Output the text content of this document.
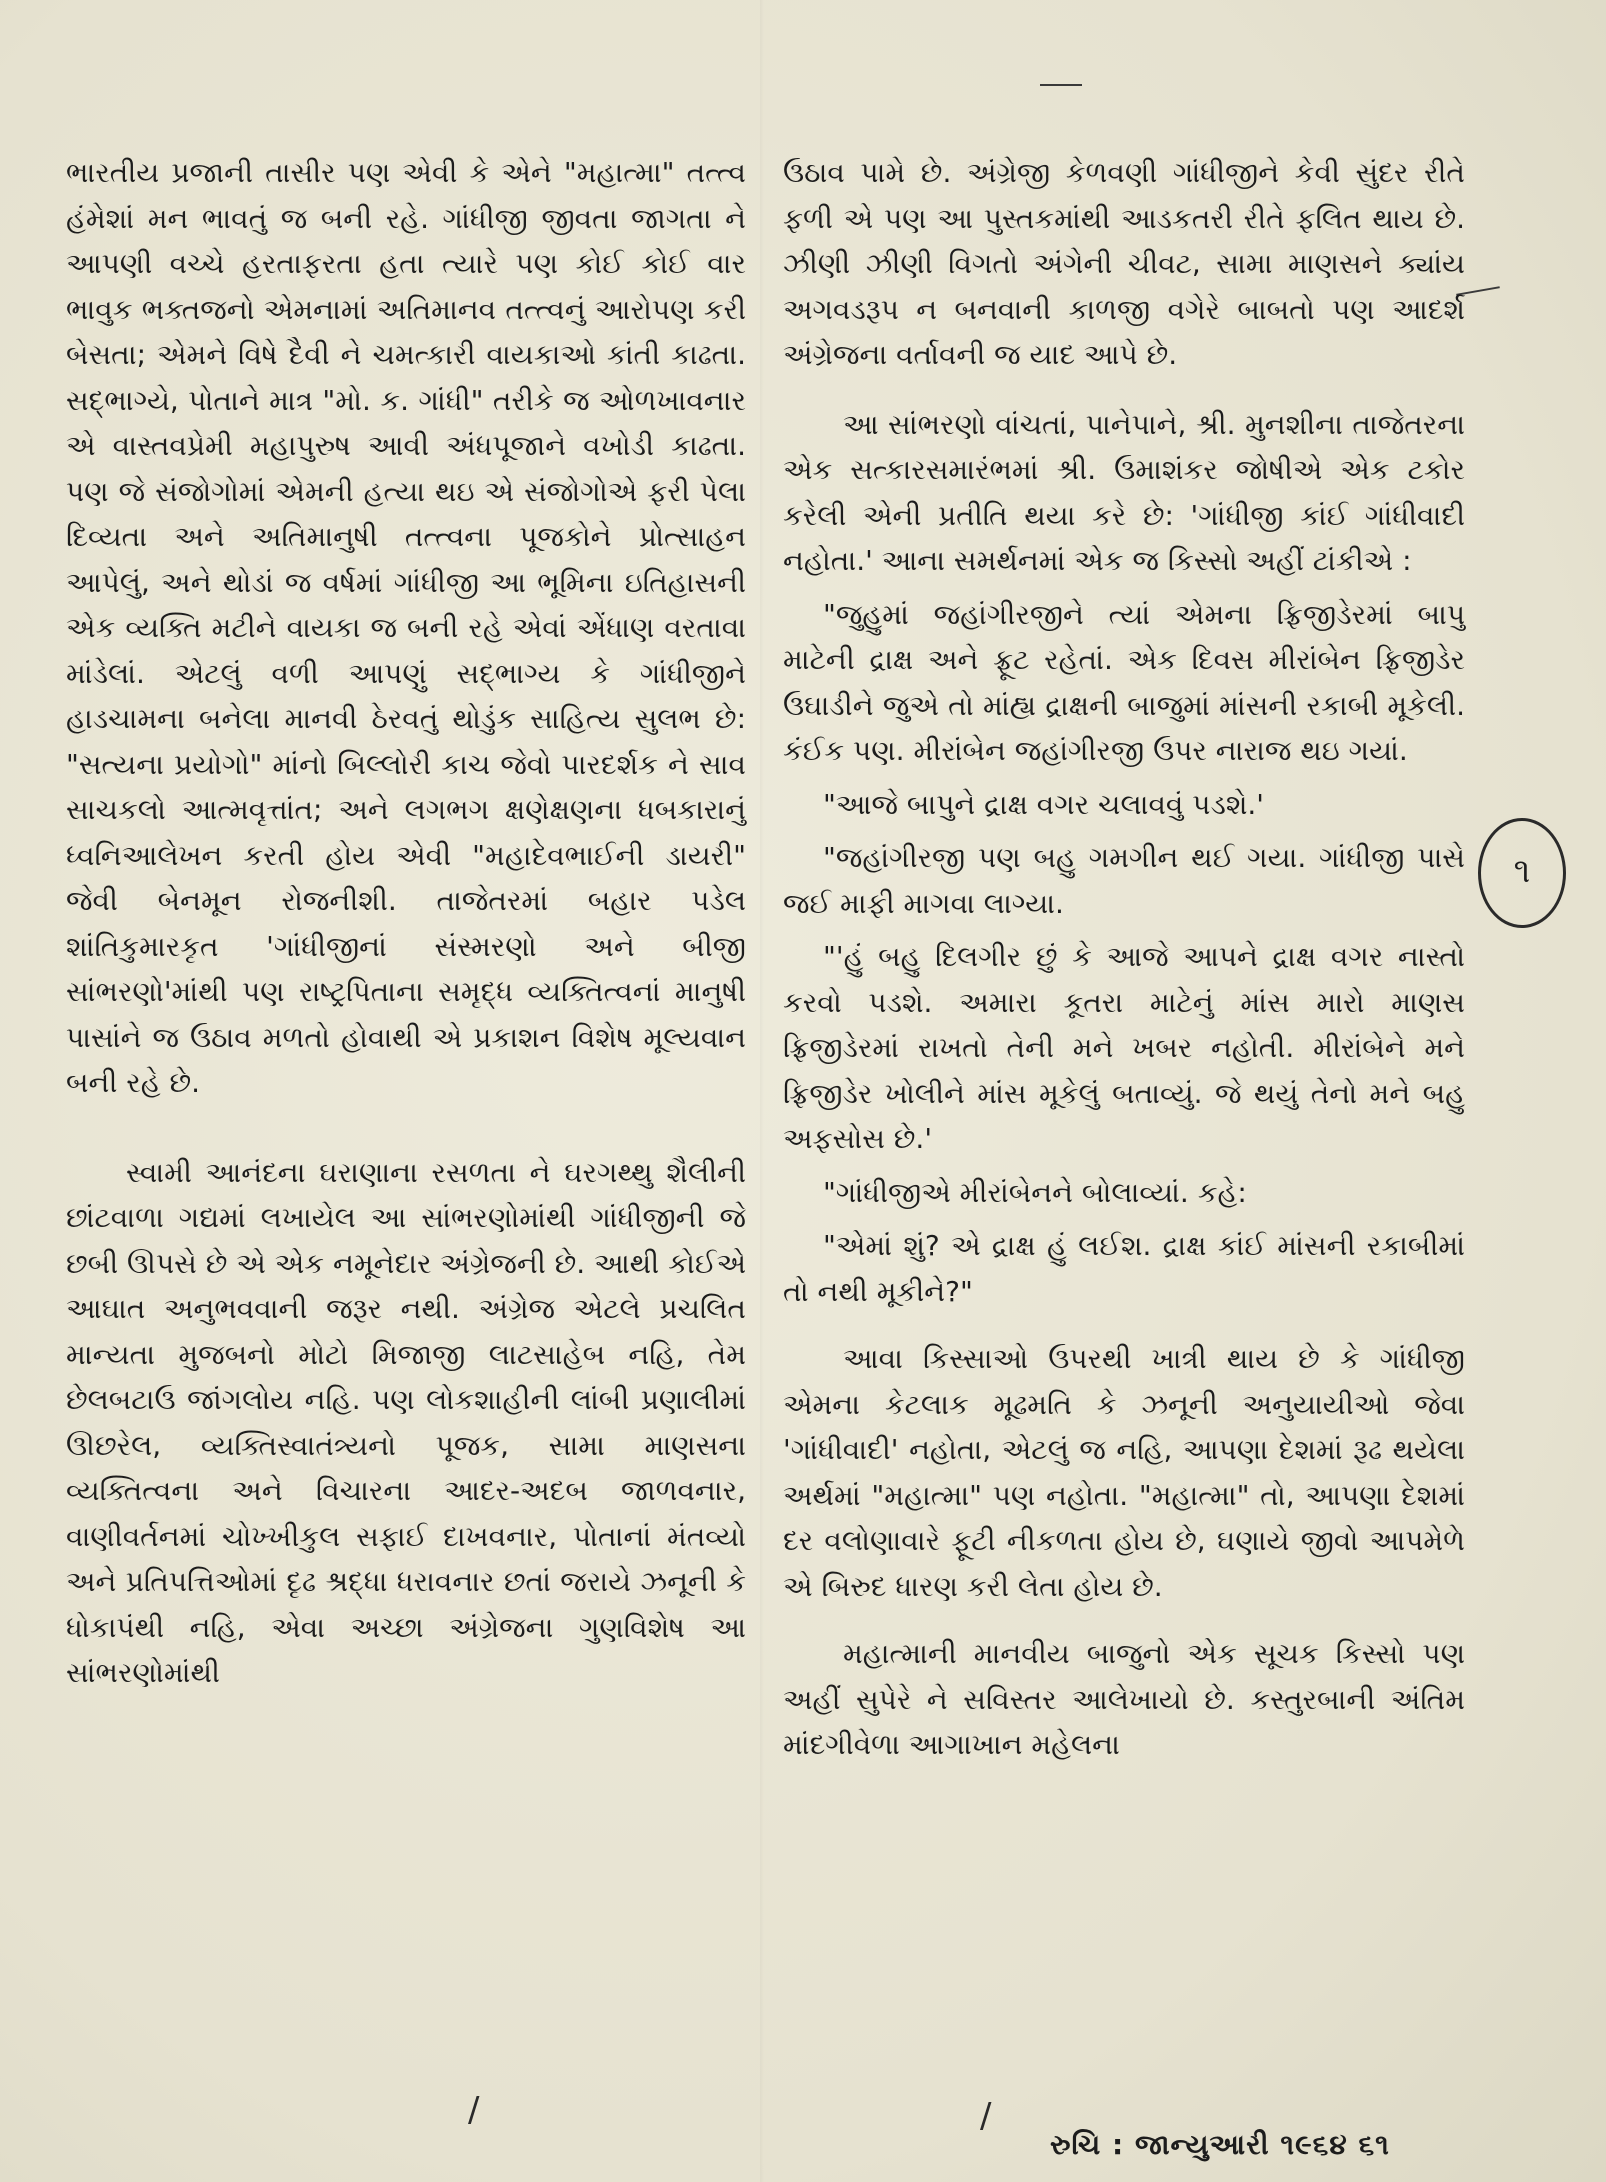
ભારતીય પ્રજાની તાસીર પણ એવી કે એને "મહાત્મા" તત્ત્વ હંમેશાં મન ભાવતું જ બની રહે. ગાંધીજી જીવતા જાગતા ને આપણી વચ્ચે હરતાફરતા હતા ત્યારે પણ કોઈ કોઈ વાર ભાવુક ભક્તજનો એમનામાં અતિમાનવ તત્ત્વનું આરોપણ કરી બેસતા; એમને વિષે દૈવી ને ચમત્કારી વાયકાઓ કાંતી કાઢતા. સદ્ભાગ્યે, પોતાને માત્ર "મો. ક. ગાંધી" તરીકે જ ઓળખાવનાર એ વાસ્તવપ્રેમી મહાપુરુષ આવી અંધપૂજાને વખોડી કાઢતા. પણ જે સંજોગોમાં એમની હત્યા થઇ એ સંજોગોએ ફરી પેલા દિવ્યતા અને અતિમાનુષી તત્ત્વના પૂજકોને પ્રોત્સાહન આપેલું, અને થોડાં જ વર્ષમાં ગાંધીજી આ ભૂમિના ઇતિહાસની એક વ્યક્તિ મટીને વાયકા જ બની રહે એવાં એંધાણ વરતાવા માંડેલાં. એટલું વળી આપણું સદ્ભાગ્ય કે ગાંધીજીને હાડચામના બનેલા માનવી ઠેરવતું થોડુંક સાહિત્ય સુલભ છે: "સત્યના પ્રયોગો" માંનો બિલ્લોરી કાચ જેવો પારદર્શક ને સાવ સાચકલો આત્મવૃત્તાંત; અને લગભગ ક્ષણેક્ષણના ધબકારાનું ધ્વનિઆલેખન કરતી હોય એવી "મહાદેવભાઈની ડાયરી" જેવી બેનમૂન રોજનીશી. તાજેતરમાં બહાર પડેલ શાંતિકુમારકૃત 'ગાંધીજીનાં સંસ્મરણો અને બીજી સાંભરણો'માંથી પણ રાષ્ટ્રપિતાના સમૃદ્ધ વ્યક્તિત્વનાં માનુષી પાસાંને જ ઉઠાવ મળતો હોવાથી એ પ્રકાશન વિશેષ મૂલ્યવાન બની રહે છે.

સ્વામી આનંદના ઘરાણાના રસળતા ને ઘરગથ્થુ શૈલીની છાંટવાળા ગદ્યમાં લખાયેલ આ સાંભરણોમાંથી ગાંધીજીની જે છબી ઊપસે છે એ એક નમૂનેદાર અંગ્રેજની છે. આથી કોઈએ આઘાત અનુભવવાની જરૂર નથી. અંગ્રેજ એટલે પ્રચલિત માન્યતા મુજબનો મોટો મિજાજી લાટસાહેબ નહિ, તેમ છેલબટાઉ જાંગલોય નહિ. પણ લોકશાહીની લાંબી પ્રણાલીમાં ઊછરેલ, વ્યક્તિસ્વાતંત્ર્યનો પૂજક, સામા માણસના વ્યક્તિત્વના અને વિચારના આદર-અદબ જાળવનાર, વાણીવર્તનમાં ચોખ્ખીકુલ સફાઈ દાખવનાર, પોતાનાં મંતવ્યો અને પ્રતિપત્તિઓમાં દૃઢ શ્રદ્ધા ધરાવનાર છતાં જરાયે ઝનૂની કે ધોકાપંથી નહિ, એવા અચ્છા અંગ્રેજના ગુણવિશેષ આ સાંભરણોમાંથી

ઉઠાવ પામે છે. અંગ્રેજી કેળવણી ગાંધીજીને કેવી સુંદર રીતે ફળી એ પણ આ પુસ્તકમાંથી આડકતરી રીતે ફલિત થાય છે. ઝીણી ઝીણી વિગતો અંગેની ચીવટ, સામા માણસને ક્યાંય અગવડરૂપ ન બનવાની કાળજી વગેરે બાબતો પણ આદર્શ અંગ્રેજના વર્તાવની જ યાદ આપે છે.

આ સાંભરણો વાંચતાં, પાનેપાને, શ્રી. મુનશીના તાજેતરના એક સત્કારસમારંભમાં શ્રી. ઉમાશંકર જોષીએ એક ટકોર કરેલી એની પ્રતીતિ થયા કરે છે: 'ગાંધીજી કાંઈ ગાંધીવાદી નહોતા.' આના સમર્થનમાં એક જ કિસ્સો અહીં ટાંકીએ :

"જુહુમાં જહાંગીરજીને ત્યાં એમના ફ્રિજીડેરમાં બાપુ માટેની દ્રાક્ષ અને ફ્રૂટ રહેતાં. એક દિવસ મીરાંબેન ફ્રિજીડેર ઉઘાડીને જુએ તો માંહ્ય દ્રાક્ષની બાજુમાં માંસની રકાબી મૂકેલી. કંઈક પણ. મીરાંબેન જહાંગીરજી ઉપર નારાજ થઇ ગયાં.

"આજે બાપુને દ્રાક્ષ વગર ચલાવવું પડશે.'

"જહાંગીરજી પણ બહુ ગમગીન થઈ ગયા. ગાંધીજી પાસે જઈ માફી માગવા લાગ્યા.

"'હું બહુ દિલગીર છું કે આજે આપને દ્રાક્ષ વગર નાસ્તો કરવો પડશે. અમારા કૂતરા માટેનું માંસ મારો માણસ ફ્રિજીડેરમાં રાખતો તેની મને ખબર નહોતી. મીરાંબેને મને ફ્રિજીડેર ખોલીને માંસ મૂકેલું બતાવ્યું. જે થયું તેનો મને બહુ અફસોસ છે.'

"ગાંધીજીએ મીરાંબેનને બોલાવ્યાં. કહે:

"એમાં શું? એ દ્રાક્ષ હું લઈશ. દ્રાક્ષ કાંઈ માંસની રકાબીમાં તો નથી મૂકીને?"

આવા કિસ્સાઓ ઉપરથી ખાત્રી થાય છે કે ગાંધીજી એમના કેટલાક મૂઢમતિ કે ઝનૂની અનુયાયીઓ જેવા 'ગાંધીવાદી' નહોતા, એટલું જ નહિ, આપણા દેશમાં રૂઢ થયેલા અર્થમાં "મહાત્મા" પણ નહોતા. "મહાત્મા" તો, આપણા દેશમાં દર વલોણાવારે ફૂટી નીકળતા હોય છે, ઘણાયે જીવો આપમેળે એ બિરુદ ધારણ કરી લેતા હોય છે.

મહાત્માની માનવીય બાજુનો એક સૂચક કિસ્સો પણ અહીં સુપેરે ને સવિસ્તર આલેખાયો છે. કસ્તુરબાની અંતિમ માંદગીવેળા આગાખાન મહેલના

૧
/	/
રુચિ : જાન્યુઆરી ૧૯૬૪ ૬૧
